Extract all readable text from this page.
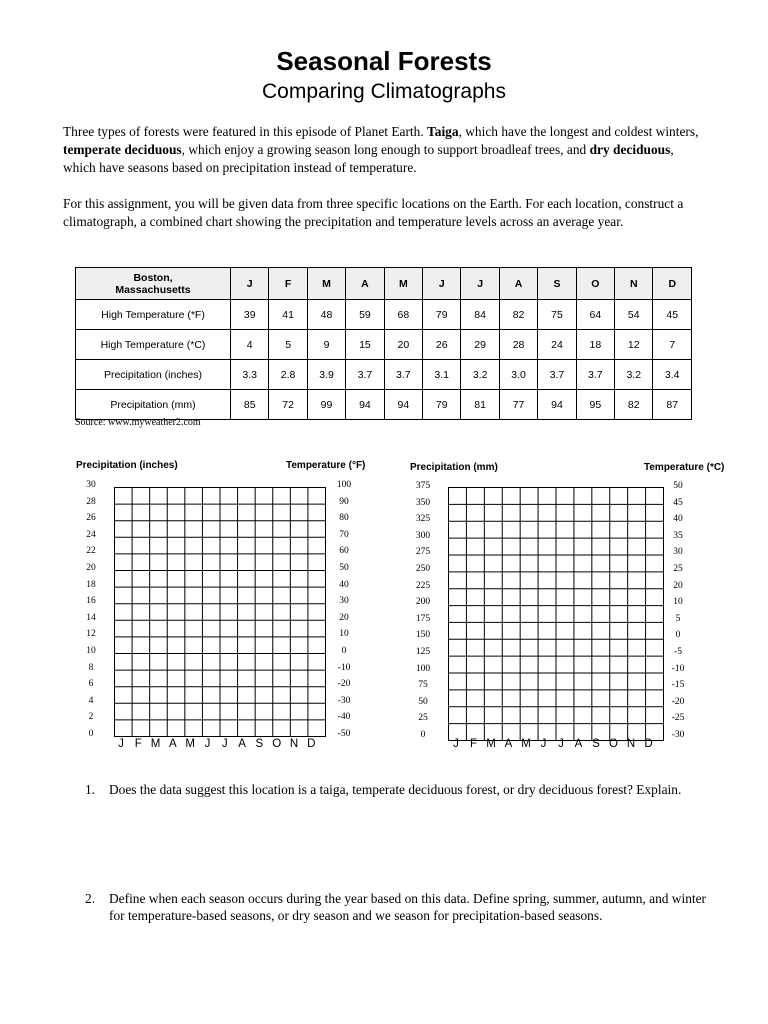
Seasonal Forests
Comparing Climatographs
Three types of forests were featured in this episode of Planet Earth. Taiga, which have the longest and coldest winters, temperate deciduous, which enjoy a growing season long enough to support broadleaf trees, and dry deciduous, which have seasons based on precipitation instead of temperature.
For this assignment, you will be given data from three specific locations on the Earth. For each location, construct a climatograph, a combined chart showing the precipitation and temperature levels across an average year.
Boston,
Massachusetts	J	F	M	A	M	J	J	A	S	O	N	D
High Temperature (*F)	39	41	48	59	68	79	84	82	75	64	54	45
High Temperature (*C)	4	5	9	15	20	26	29	28	24	18	12	7
Precipitation (inches)	3.3	2.8	3.9	3.7	3.7	3.1	3.2	3.0	3.7	3.7	3.2	3.4
Precipitation (mm)	85	72	99	94	94	79	81	77	94	95	82	87
Source: www.myweather2.com
Precipitation (inches)	Temperature (°F)
30
28
26
24
22
20
18
16
14
12
10
8
6
4
2
0
100
90
80
70
60
50
40
30
20
10
0
-10
-20
-30
-40
-50
J F M A M J	J A S O N D
Precipitation (mm)	Temperature (*C)
375
350
325
300
275
250
225
200
175
150
125
100
75
50
25
0
50
45
40
35
30
25
20
10
5
0
-5
-10
-15
-20
-25
-30
J F M A M J	J A S O N D
1. Does the data suggest this location is a taiga, temperate deciduous forest, or dry deciduous forest? Explain.
2. Define when each season occurs during the year based on this data. Define spring, summer, autumn, and winter for temperature-based seasons, or dry season and we season for precipitation-based seasons.
